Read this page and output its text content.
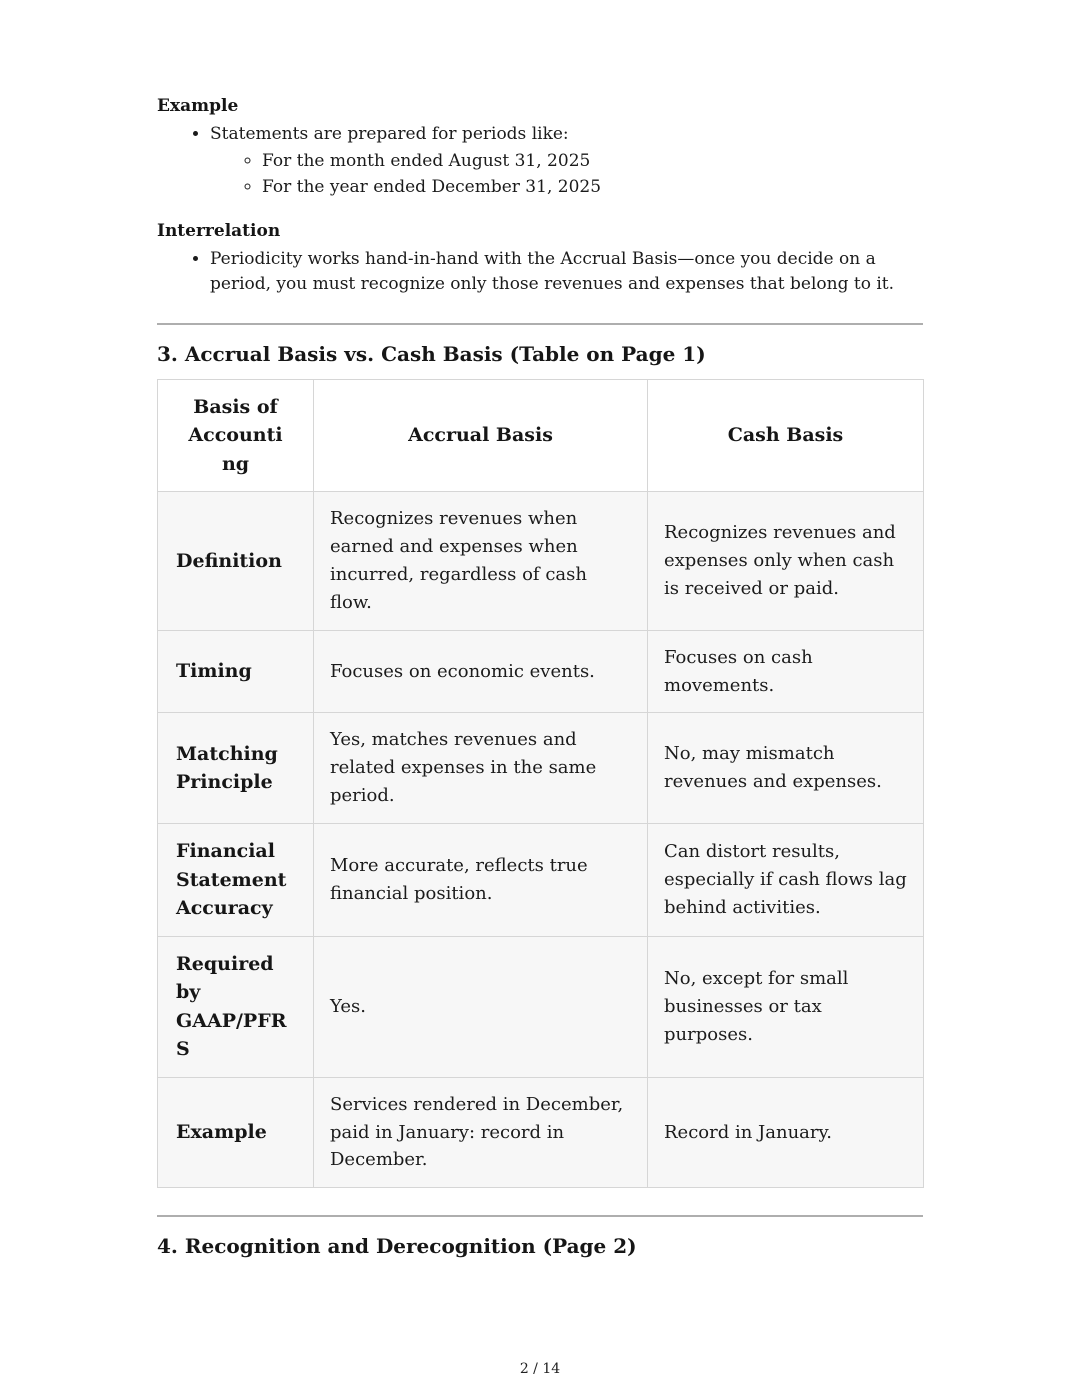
Example
• Statements are prepared for periods like:
◦ For the month ended August 31, 2025
◦ For the year ended December 31, 2025
Interrelation
• Periodicity works hand-in-hand with the Accrual Basis—once you decide on a period, you must recognize only those revenues and expenses that belong to it.
3. Accrual Basis vs. Cash Basis (Table on Page 1)
Basis of Accounting	Accrual Basis	Cash Basis
Definition	Recognizes revenues when earned and expenses when incurred, regardless of cash flow.	Recognizes revenues and expenses only when cash is received or paid.
Timing	Focuses on economic events.	Focuses on cash movements.
Matching Principle	Yes, matches revenues and related expenses in the same period.	No, may mismatch revenues and expenses.
Financial Statement Accuracy	More accurate, reflects true financial position.	Can distort results, especially if cash flows lag behind activities.
Required by GAAP/PFRS	Yes.	No, except for small businesses or tax purposes.
Example	Services rendered in December, paid in January: record in December.	Record in January.
4. Recognition and Derecognition (Page 2)
2 / 14
